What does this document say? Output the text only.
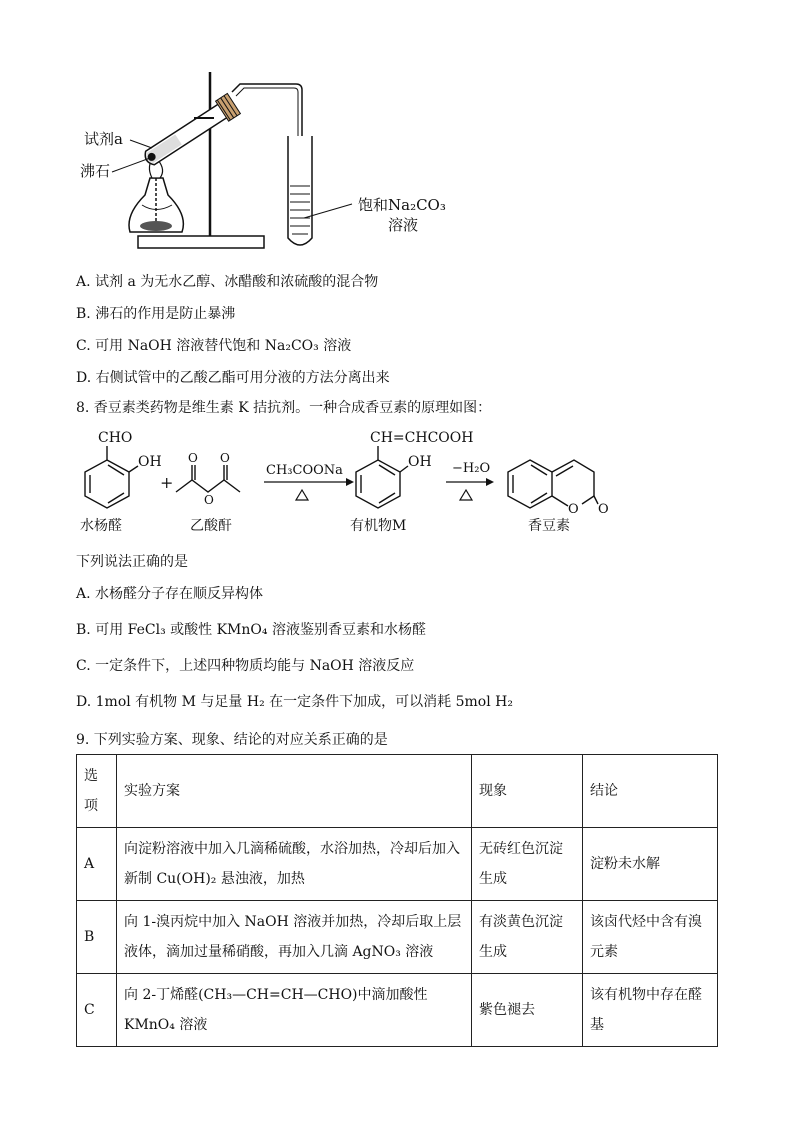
试剂a
沸石
饱和Na₂CO₃
溶液
A. 试剂 a 为无水乙醇、冰醋酸和浓硫酸的混合物
B. 沸石的作用是防止暴沸
C. 可用 NaOH 溶液替代饱和 Na₂CO₃ 溶液
D. 右侧试管中的乙酸乙酯可用分液的方法分离出来
8. 香豆素类药物是维生素 K 拮抗剂。一种合成香豆素的原理如图：
CHO
OH
水杨醛
+
O O
O
乙酸酐
CH₃COONa
CH=CHCOOH
OH
有机物M
−H₂O
O O
香豆素
下列说法正确的是
A. 水杨醛分子存在顺反异构体
B. 可用 FeCl₃ 或酸性 KMnO₄ 溶液鉴别香豆素和水杨醛
C. 一定条件下，上述四种物质均能与 NaOH 溶液反应
D. 1mol 有机物 M 与足量 H₂ 在一定条件下加成，可以消耗 5mol H₂
9. 下列实验方案、现象、结论的对应关系正确的是
选项	实验方案	现象	结论
A	向淀粉溶液中加入几滴稀硫酸，水浴加热，冷却后加入新制 Cu(OH)₂ 悬浊液，加热	无砖红色沉淀生成	淀粉未水解
B	向 1-溴丙烷中加入 NaOH 溶液并加热，冷却后取上层液体，滴加过量稀硝酸，再加入几滴 AgNO₃ 溶液	有淡黄色沉淀生成	该卤代烃中含有溴元素
C	向 2-丁烯醛(CH₃—CH=CH—CHO)中滴加酸性 KMnO₄ 溶液	紫色褪去	该有机物中存在醛基
